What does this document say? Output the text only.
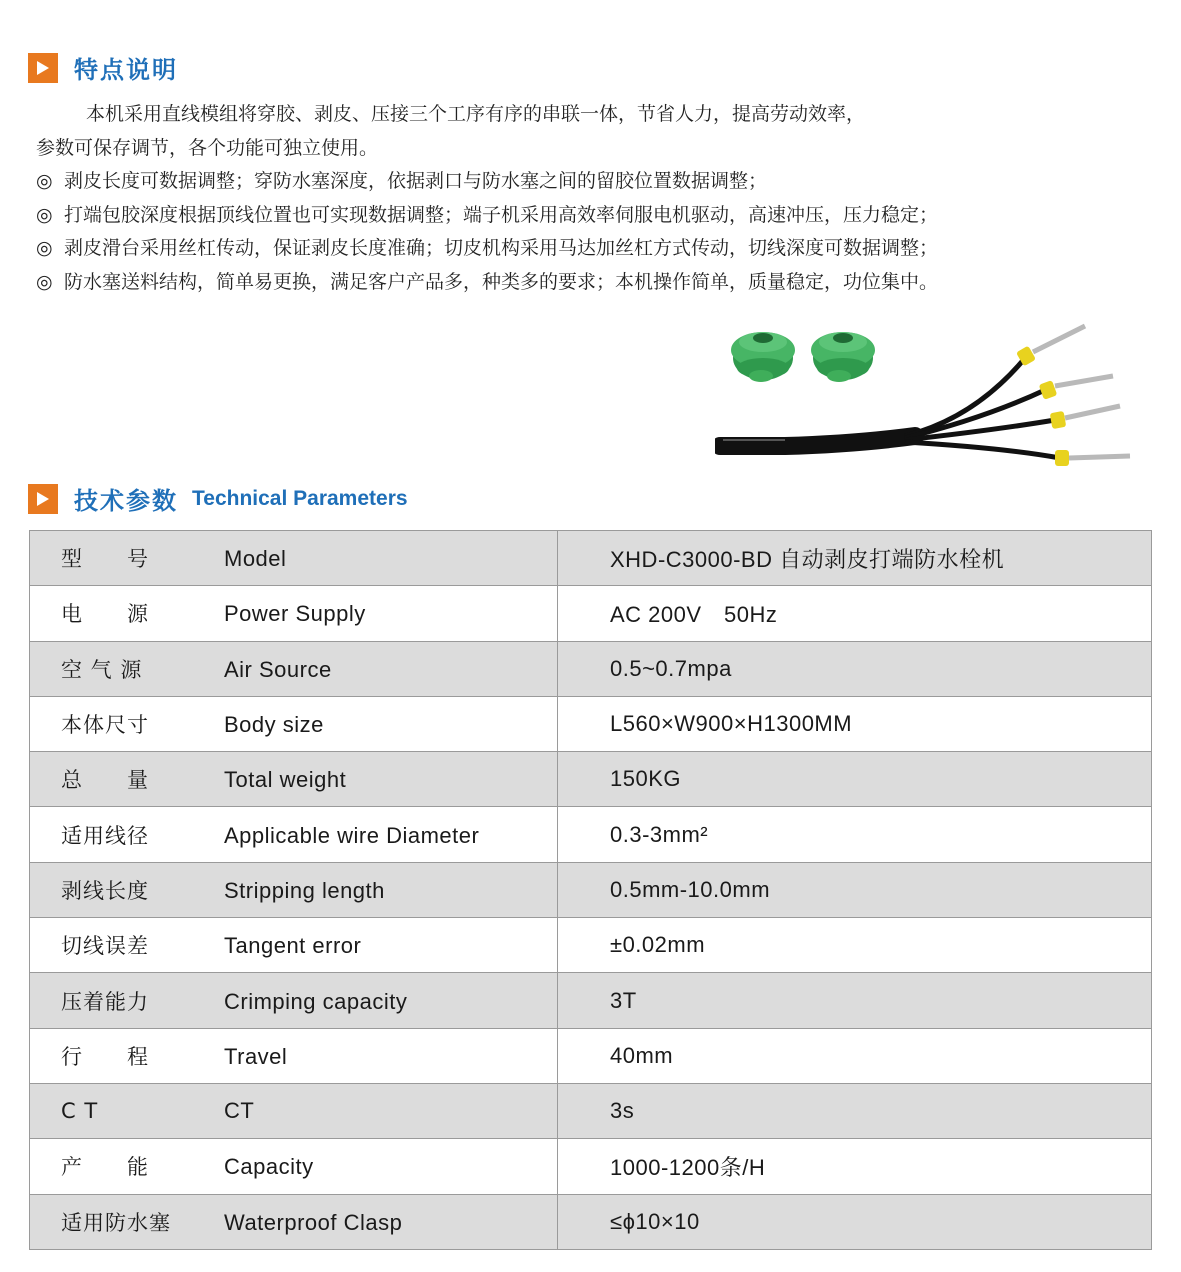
特点说明

本机采用直线模组将穿胶、剥皮、压接三个工序有序的串联一体，节省人力，提高劳动效率，

参数可保存调节，各个功能可独立使用。

◎ 剥皮长度可数据调整；穿防水塞深度，依据剥口与防水塞之间的留胶位置数据调整；
◎ 打端包胶深度根据顶线位置也可实现数据调整；端子机采用高效率伺服电机驱动，高速冲压，压力稳定；
◎ 剥皮滑台采用丝杠传动，保证剥皮长度准确；切皮机构采用马达加丝杠方式传动，切线深度可数据调整；
◎ 防水塞送料结构，简单易更换，满足客户产品多，种类多的要求；本机操作简单，质量稳定，功位集中。
技术参数 Technical Parameters
型　　号 Model	XHD-C3000-BD 自动剥皮打端防水栓机
电　　源 Power Supply	AC 200V　50Hz
空 气 源 Air Source	0.5~0.7mpa
本体尺寸 Body size	L560×W900×H1300MM
总　　量 Total weight	150KG
适用线径 Applicable wire Diameter	0.3-3mm²
剥线长度 Stripping length	0.5mm-10.0mm
切线误差 Tangent error	±0.02mm
压着能力 Crimping capacity	3T
行　　程 Travel	40mm
C T CT	3s
产　　能 Capacity	1000-1200条/H
适用防水塞 Waterproof Clasp	≤ϕ10×10
